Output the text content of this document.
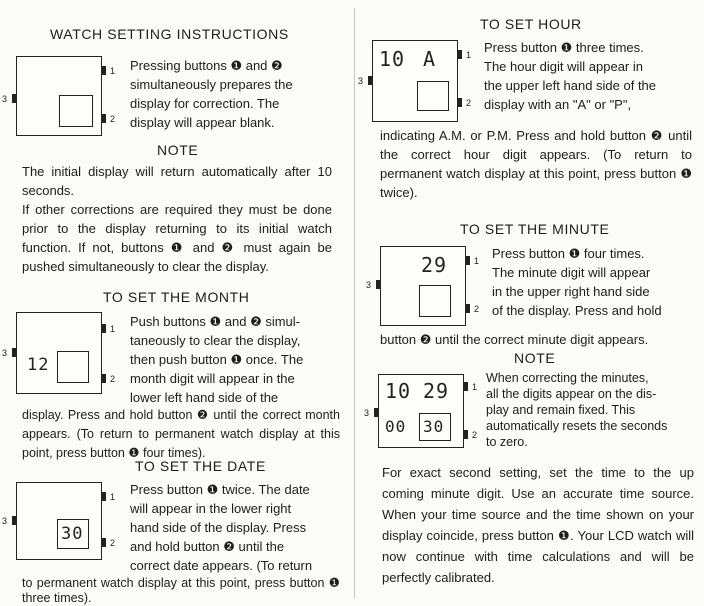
WATCH SETTING INSTRUCTIONS
1
2
3
Pressing buttons ❶ and ❷
simultaneously prepares the
display for correction. The
display will appear blank.
NOTE
The initial display will return automatically after 10 seconds.
If other corrections are required they must be done prior to the display returning to its initial watch function. If not, buttons ❶ and ❷ must again be pushed simultaneously to clear the display.
TO SET THE MONTH
12
1
2
3
Push buttons ❶ and ❷ simul-
taneously to clear the display,
then push button ❶ once. The
month digit will appear in the
lower left hand side of the
display. Press and hold button ❷ until the correct month appears. (To return to permanent watch display at this point, press button ❶ four times).
TO SET THE DATE
30
1
2
3
Press button ❶ twice. The date
will appear in the lower right
hand side of the display. Press
and hold button ❷ until the
correct date appears. (To return
to permanent watch display at this point, press button ❶ three times).
TO SET HOUR
10 A	1
2
3
Press button ❶ three times.
The hour digit will appear in
the upper left hand side of the
display with an "A" or "P",
indicating A.M. or P.M. Press and hold button ❷ until the correct hour digit appears. (To return to permanent watch display at this point, press button ❶ twice).
TO SET THE MINUTE
29	1
2
3
Press button ❶ four times.
The minute digit will appear
in the upper right hand side
of the display. Press and hold
button ❷ until the correct minute digit appears.
NOTE
10 29
00 30
1
2
3
When correcting the minutes,
all the digits appear on the dis-
play and remain fixed. This
automatically resets the seconds
to zero.
For exact second setting, set the time to the up coming minute digit. Use an accurate time source. When your time source and the time shown on your display coincide, press button ❶. Your LCD watch will now continue with time calculations and will be perfectly calibrated.
